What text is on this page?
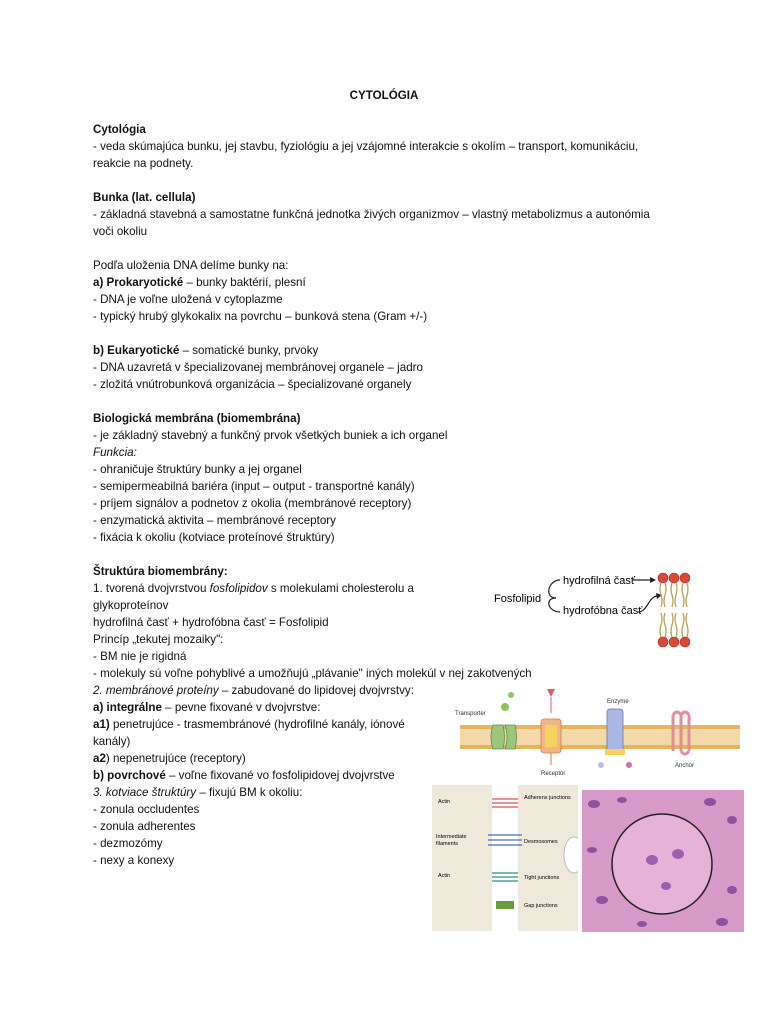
CYTOLÓGIA
Cytológia
- veda skúmajúca bunku, jej stavbu, fyziológiu a jej vzájomné interakcie s okolím – transport, komunikáciu,
reakcie na podnety.
Bunka (lat. cellula)
- základná stavebná a samostatne funkčná jednotka živých organizmov – vlastný metabolizmus a autonómia
voči okoliu
Podľa uloženia DNA delíme bunky na:
a) Prokaryotické – bunky baktérií, plesní
- DNA je voľne uložená v cytoplazme
- typický hrubý glykokalix na povrchu – bunková stena (Gram +/-)
b) Eukaryotické – somatické bunky, prvoky
- DNA uzavretá v špecializovanej membránovej organele – jadro
- zložitá vnútrobunková organizácia – špecializované organely
Biologická membrána (biomembrána)
- je základný stavebný a funkčný prvok všetkých buniek a ich organel
Funkcia:
- ohraničuje štruktúry bunky a jej organel
- semipermeabilná bariéra (input – output - transportné kanály)
- príjem signálov a podnetov z okolia (membránové receptory)
- enzymatická aktivita – membránové receptory
- fixácia k okoliu (kotviace proteínové štruktúry)
Štruktúra biomembrány:
1. tvorená dvojvrstvou fosfolipidov s molekulami cholesterolu a
glykoproteínov
hydrofilná časť + hydrofóbna časť = Fosfolipid
Princíp „tekutej mozaiky":
- BM nie je rigidná
- molekuly sú voľne pohyblivé a umožňujú „plávanie" iných molekúl v nej zakotvených
2. membránové proteíny – zabudované do lipidovej dvojvrstvy:
a) integrálne – pevne fixované v dvojvrstve:
a1) penetrujúce - trasmembránové (hydrofilné kanály, iónové
kanály)
a2) nepenetrujúce (receptory)
b) povrchové – voľne fixované vo fosfolipidovej dvojvrstve
3. kotviace štruktúry – fixujú BM k okoliu:
- zonula occludentes
- zonula adherentes
- dezmozómy
- nexy a konexy
Fosfolipid
hydrofilná časť
hydrofóbna časť
Transporter
Receptor
Enzyme
Anchor
Actin
Intermediate
filaments
Actin
Adherens junctions
Desmosomes
Tight junctions
Gap junctions
